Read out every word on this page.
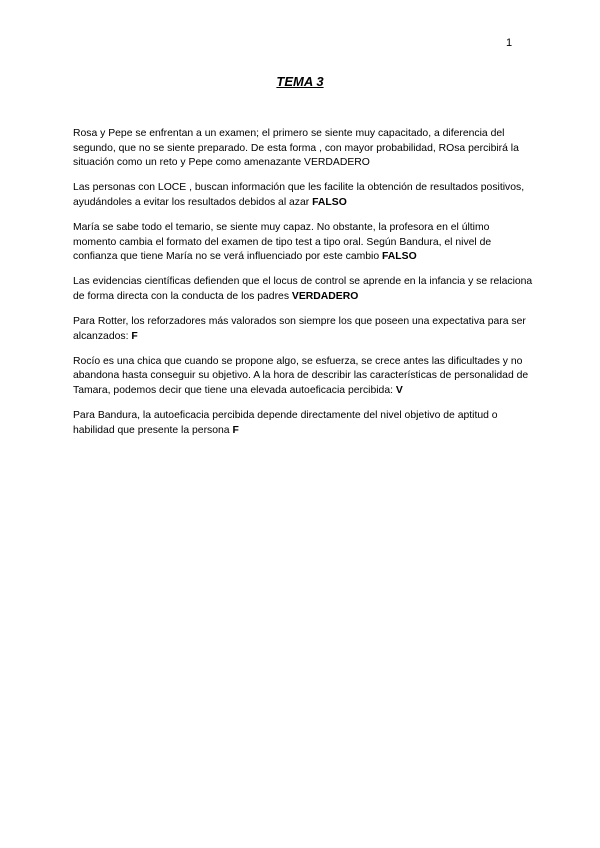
1
TEMA 3

Rosa y Pepe se enfrentan a un examen; el primero se siente muy capacitado, a diferencia del segundo, que no se siente preparado. De esta forma , con mayor probabilidad, ROsa percibirá la situación como un reto y Pepe como amenazante VERDADERO

Las personas con LOCE , buscan información que les facilite la obtención de resultados positivos, ayudándoles a evitar los resultados debidos al azar FALSO

María se sabe todo el temario, se siente muy capaz. No obstante, la profesora en el último momento cambia el formato del examen de tipo test a tipo oral. Según Bandura, el nivel de confianza que tiene María no se verá influenciado por este cambio FALSO

Las evidencias científicas defienden que el locus de control se aprende en la infancia y se relaciona de forma directa con la conducta de los padres VERDADERO

Para Rotter, los reforzadores más valorados son siempre los que poseen una expectativa para ser alcanzados: F

Rocío es una chica que cuando se propone algo, se esfuerza, se crece antes las dificultades y no abandona hasta conseguir su objetivo. A la hora de describir las características de personalidad de Tamara, podemos decir que tiene una elevada autoeficacia percibida: V

Para Bandura, la autoeficacia percibida depende directamente del nivel objetivo de aptitud o habilidad que presente la persona F
